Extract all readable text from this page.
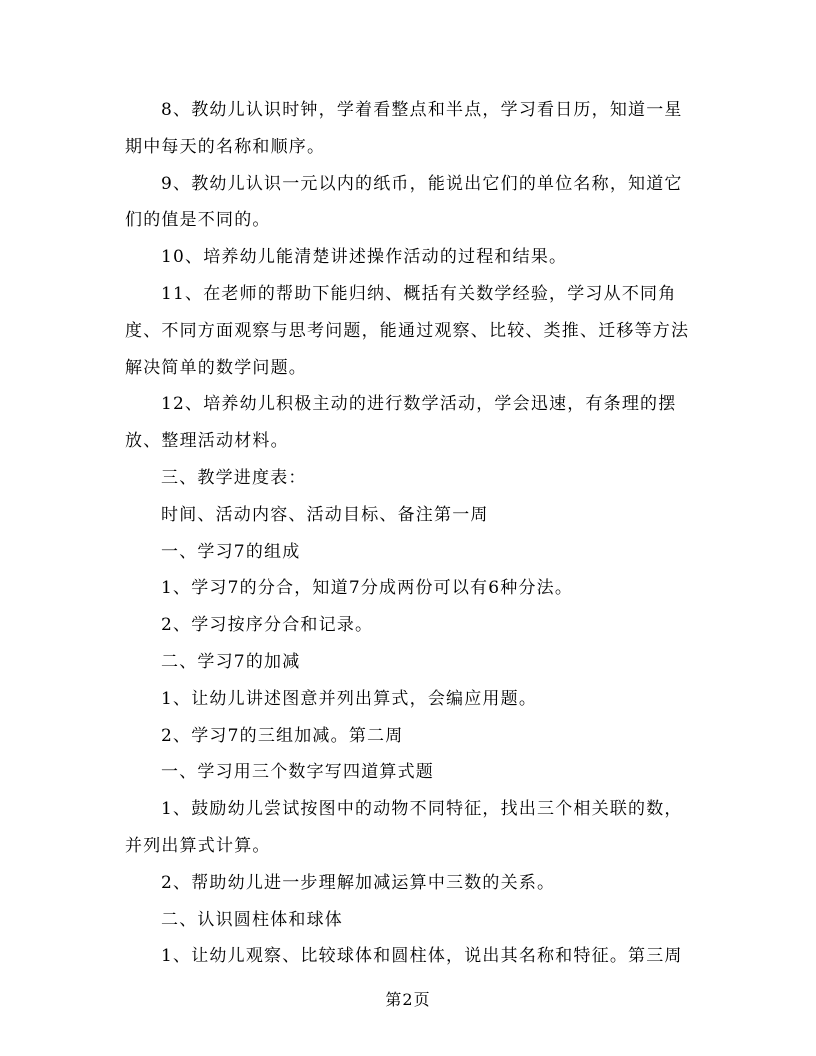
8、教幼儿认识时钟，学着看整点和半点，学习看日历，知道一星期中每天的名称和顺序。

9、教幼儿认识一元以内的纸币，能说出它们的单位名称，知道它们的值是不同的。

10、培养幼儿能清楚讲述操作活动的过程和结果。

11、在老师的帮助下能归纳、概括有关数学经验，学习从不同角度、不同方面观察与思考问题，能通过观察、比较、类推、迁移等方法解决简单的数学问题。

12、培养幼儿积极主动的进行数学活动，学会迅速，有条理的摆放、整理活动材料。

三、教学进度表：

时间、活动内容、活动目标、备注第一周

一、学习7的组成

1、学习7的分合，知道7分成两份可以有6种分法。

2、学习按序分合和记录。

二、学习7的加减

1、让幼儿讲述图意并列出算式，会编应用题。

2、学习7的三组加减。第二周

一、学习用三个数字写四道算式题

1、鼓励幼儿尝试按图中的动物不同特征，找出三个相关联的数，并列出算式计算。

2、帮助幼儿进一步理解加减运算中三数的关系。

二、认识圆柱体和球体

1、让幼儿观察、比较球体和圆柱体，说出其名称和特征。第三周

第2页
